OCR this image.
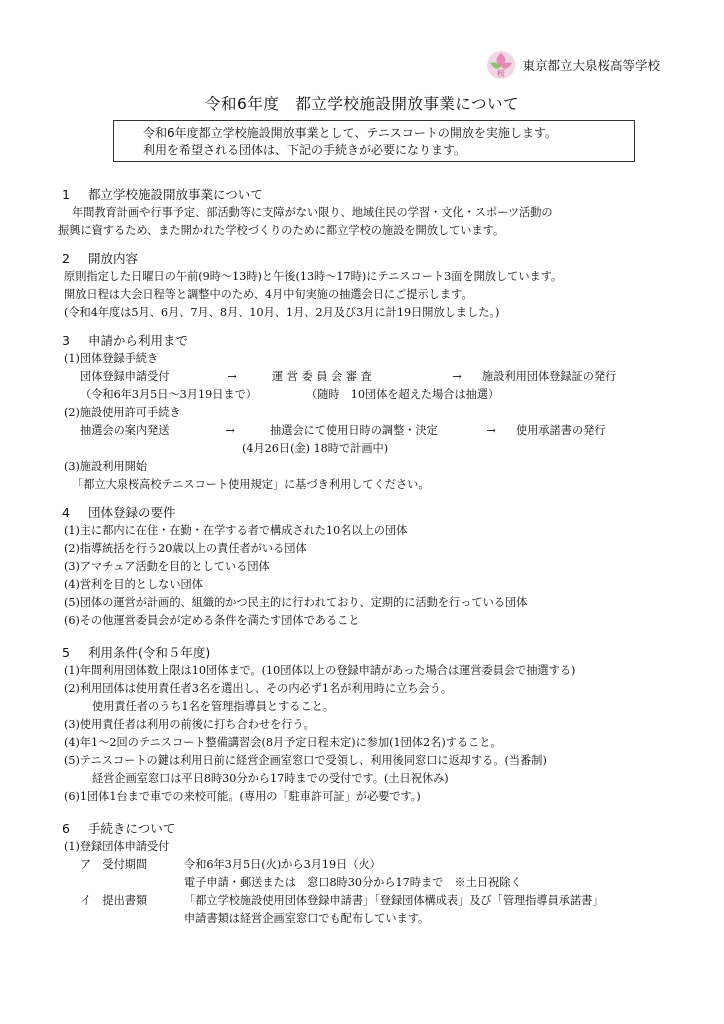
桜
東京都立大泉桜高等学校
令和6年度　都立学校施設開放事業について
令和6年度都立学校施設開放事業として、テニスコートの開放を実施します。
利用を希望される団体は、下記の手続きが必要になります。
1 都立学校施設開放事業について
年間教育計画や行事予定、部活動等に支障がない限り、地域住民の学習・文化・スポーツ活動の
振興に資するため、また開かれた学校づくりのために都立学校の施設を開放しています。
2 開放内容
原則指定した日曜日の午前(9時～13時)と午後(13時～17時)にテニスコート3面を開放しています。
開放日程は大会日程等と調整中のため、4月中旬実施の抽選会日にご提示します。
(令和4年度は5月、6月、7月、8月、10月、1月、2月及び3月に計19日開放しました。)
3 申請から利用まで
(1)団体登録手続き
団体登録申請受付	→	運 営 委 員 会 審 査	→	施設利用団体登録証の発行
（令和6年3月5日～3月19日まで）	（随時　10団体を超えた場合は抽選）
(2)施設使用許可手続き
抽選会の案内発送	→	抽選会にて使用日時の調整・決定	→	使用承諾書の発行
(4月26日(金) 18時で計画中)
(3)施設利用開始
「都立大泉桜高校テニスコート使用規定」に基づき利用してください。
4 団体登録の要件
(1)主に都内に在住・在勤・在学する者で構成された10名以上の団体
(2)指導統括を行う20歳以上の責任者がいる団体
(3)アマチュア活動を目的としている団体
(4)営利を目的としない団体
(5)団体の運営が計画的、組織的かつ民主的に行われており、定期的に活動を行っている団体
(6)その他運営委員会が定める条件を満たす団体であること
5 利用条件(令和５年度)
(1)年間利用団体数上限は10団体まで。(10団体以上の登録申請があった場合は運営委員会で抽選する)
(2)利用団体は使用責任者3名を選出し、その内必ず1名が利用時に立ち会う。
使用責任者のうち1名を管理指導員とすること。
(3)使用責任者は利用の前後に打ち合わせを行う。
(4)年1～2回のテニスコート整備講習会(8月予定日程未定)に参加(1団体2名)すること。
(5)テニスコートの鍵は利用日前に経営企画室窓口で受領し、利用後同窓口に返却する。(当番制)
経営企画室窓口は平日8時30分から17時までの受付です。(土日祝休み)
(6)1団体1台まで車での来校可能。(専用の「駐車許可証」が必要です。)
6 手続きについて
(1)登録団体申請受付
ア　受付期間	令和6年3月5日(火)から3月19日（火）
電子申請・郵送または　窓口8時30分から17時まで　※土日祝除く
イ　提出書類	「都立学校施設使用団体登録申請書」「登録団体構成表」及び「管理指導員承諾書」
申請書類は経営企画室窓口でも配布しています。
